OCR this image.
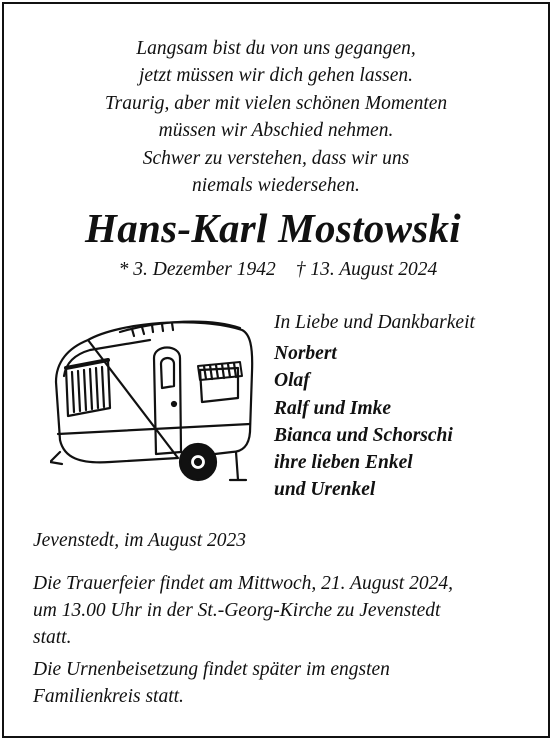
Langsam bist du von uns gegangen,
jetzt müssen wir dich gehen lassen.
Traurig, aber mit vielen schönen Momenten
müssen wir Abschied nehmen.
Schwer zu verstehen, dass wir uns
niemals wiedersehen.
Hans-Karl Mostowski
* 3. Dezember 1942 † 13. August 2024
In Liebe und Dankbarkeit
Norbert
Olaf
Ralf und Imke
Bianca und Schorschi
ihre lieben Enkel
und Urenkel
Jevenstedt, im August 2023
Die Trauerfeier findet am Mittwoch, 21. August 2024,
um 13.00 Uhr in der St.-Georg-Kirche zu Jevenstedt
statt.
Die Urnenbeisetzung findet später im engsten
Familienkreis statt.
